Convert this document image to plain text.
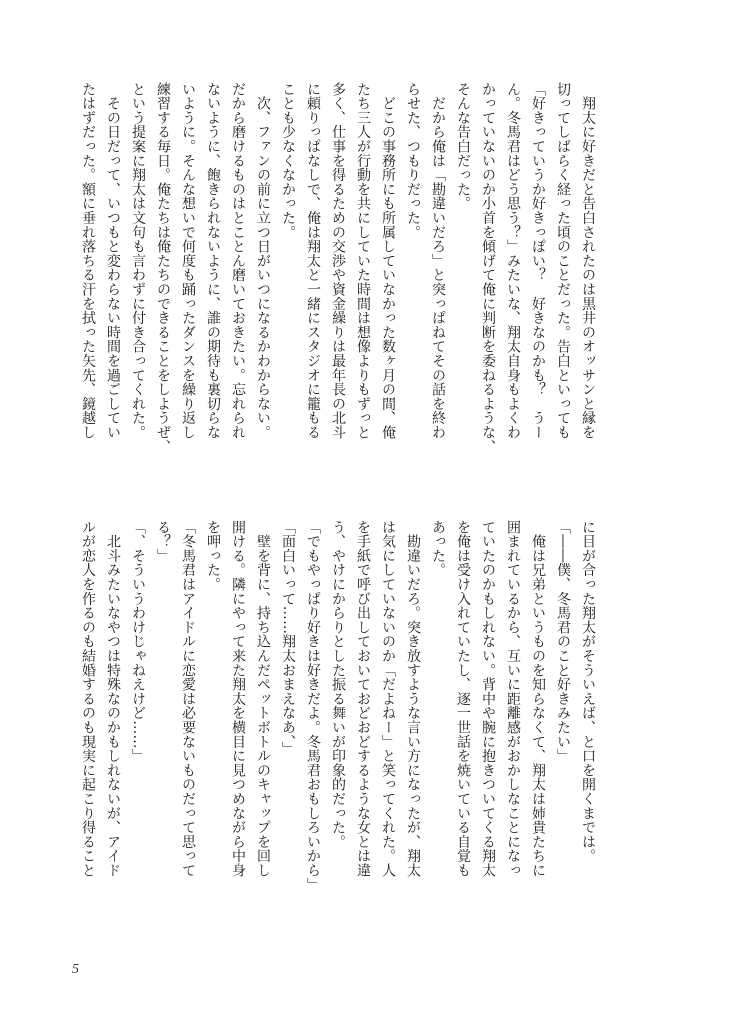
　翔太に好きだと告白されたのは黒井のオッサンと縁を
切ってしばらく経った頃のことだった。告白といっても
「好きっていうか好きっぽい？　好きなのかも？　うー
ん。冬馬君はどう思う？」みたいな、翔太自身もよくわ
かっていないのか小首を傾げて俺に判断を委ねるような、
そんな告白だった。
　だから俺は「勘違いだろ」と突っぱねてその話を終わ
らせた、つもりだった。
　どこの事務所にも所属していなかった数ヶ月の間、俺
たち三人が行動を共にしていた時間は想像よりもずっと
多く、仕事を得るための交渉や資金繰りは最年長の北斗
に頼りっぱなしで、俺は翔太と一緒にスタジオに籠もる
ことも少なくなかった。
　次、ファンの前に立つ日がいつになるかわからない。
だから磨けるものはとことん磨いておきたい。忘れられ
ないように、飽きられないように、誰の期待も裏切らな
いように。そんな想いで何度も踊ったダンスを繰り返し
練習する毎日。俺たちは俺たちのできることをしようぜ、
という提案に翔太は文句も言わずに付き合ってくれた。
　その日だって、いつもと変わらない時間を過ごしてい
たはずだった。額に垂れ落ちる汗を拭った矢先、鏡越し
に目が合った翔太がそういえば、と口を開くまでは。
「――僕、冬馬君のこと好きみたい」
　俺は兄弟というものを知らなくて、翔太は姉貴たちに
囲まれているから、互いに距離感がおかしなことになっ
ていたのかもしれない。背中や腕に抱きついてくる翔太
を俺は受け入れていたし、逐一世話を焼いている自覚も
あった。
　勘違いだろ。突き放すような言い方になったが、翔太
は気にしていないのか「だよねー」と笑ってくれた。人
を手紙で呼び出しておいておどおどするような女とは違
う、やけにからりとした振る舞いが印象的だった。
「でもやっぱり好きは好きだよ。冬馬君おもしろいから」
「面白いって……翔太おまえなあ、」
　壁を背に、持ち込んだペットボトルのキャップを回し
開ける。隣にやって来た翔太を横目に見つめながら中身
を呷った。
「冬馬君はアイドルに恋愛は必要ないものだって思って
る？」
「、そういうわけじゃねえけど……」
　北斗みたいなやつは特殊なのかもしれないが、アイド
ルが恋人を作るのも結婚するのも現実に起こり得ること
5
